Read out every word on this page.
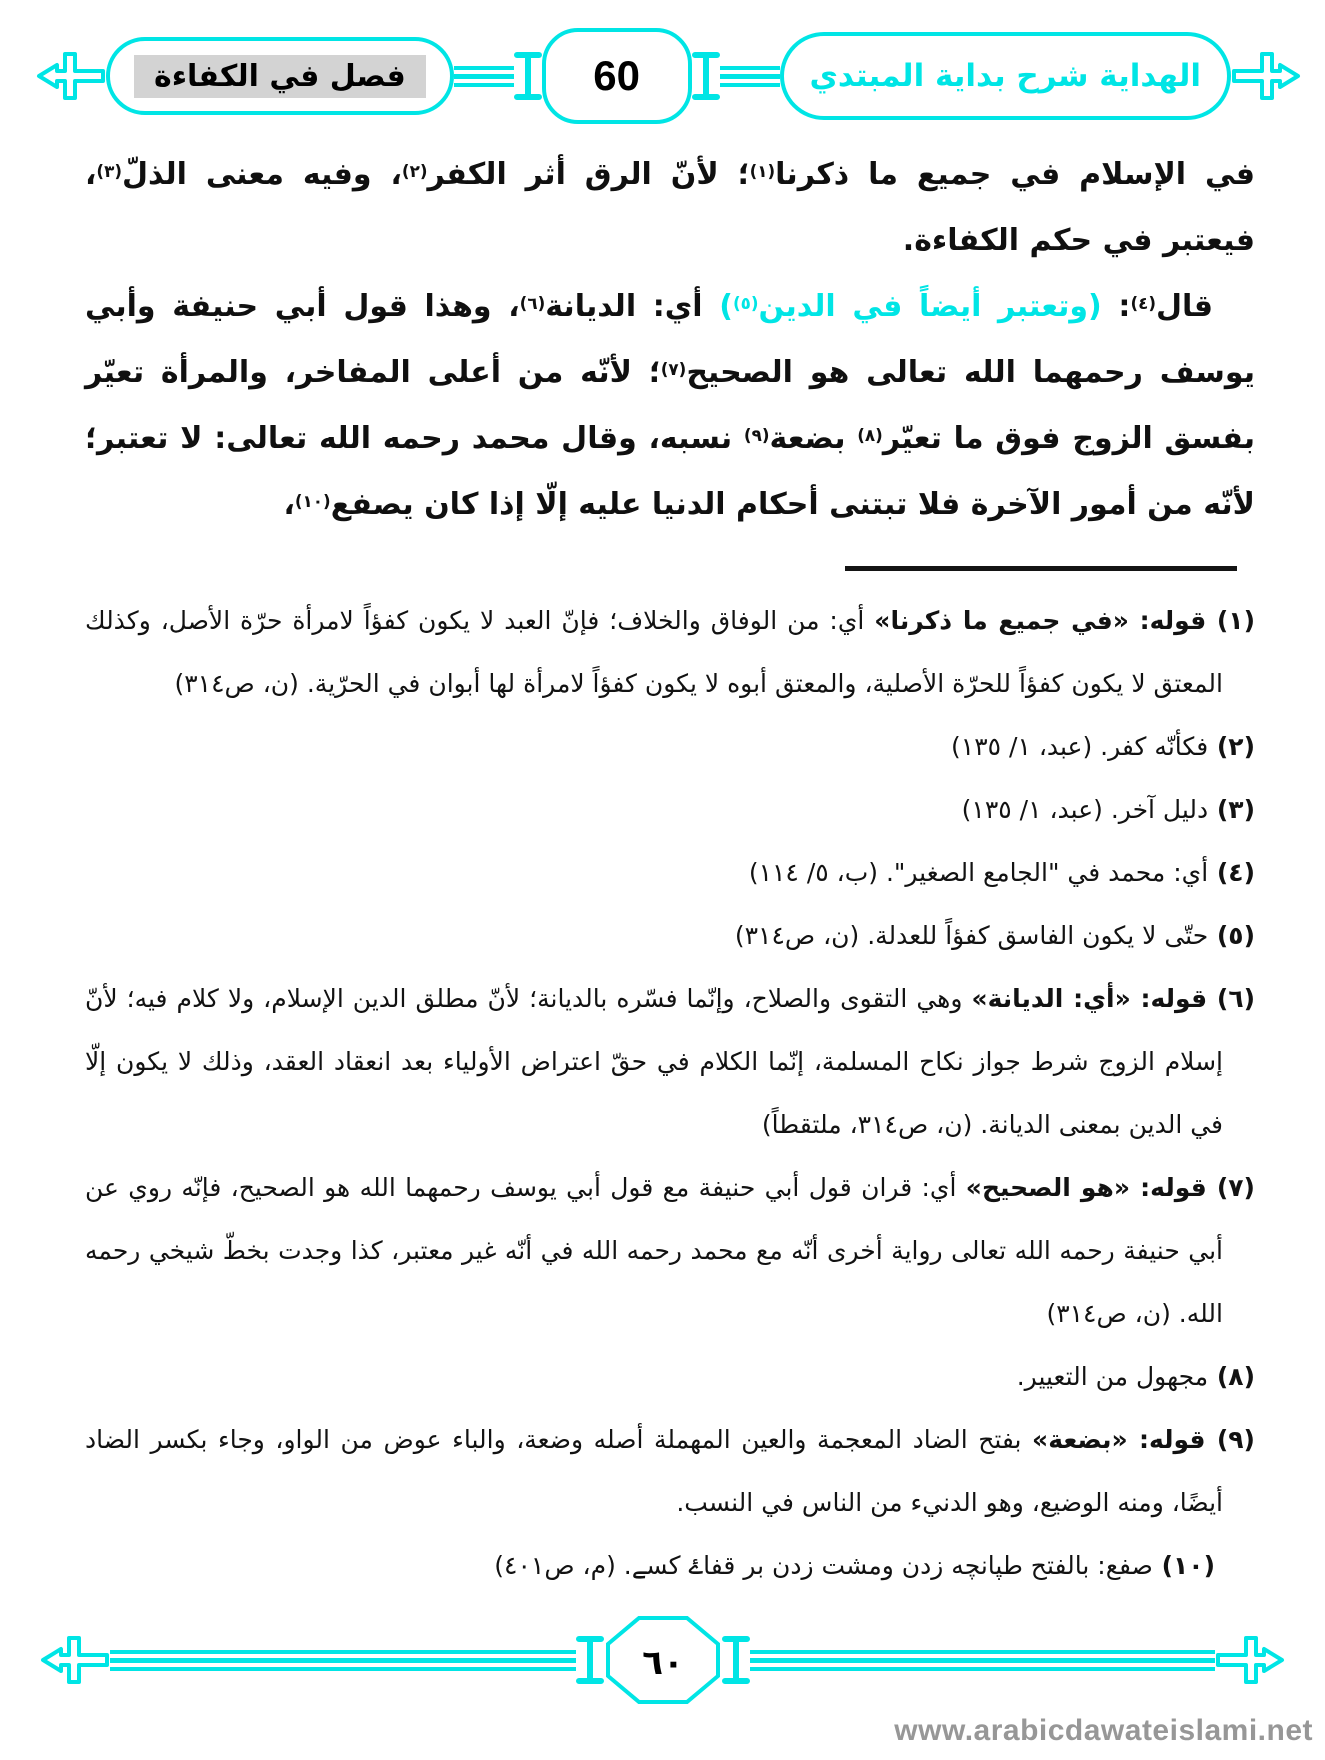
فصل في الكفاءة	60	الهداية شرح بداية المبتدي

في الإسلام في جميع ما ذكرنا$^{(١)}$؛ لأنّ الرق أثر الكفر$^{(٢)}$، وفيه معنى الذلّ$^{(٣)}$، فيعتبر في حكم الكفاءة.

قال$^{(٤)}$: (وتعتبر أيضاً في الدين$^{(٥)}$) أي: الديانة$^{(٦)}$، وهذا قول أبي حنيفة وأبي يوسف رحمهما الله تعالى هو الصحيح$^{(٧)}$؛ لأنّه من أعلى المفاخر، والمرأة تعيّر بفسق الزوج فوق ما تعيّر$^{(٨)}$ بضعة$^{(٩)}$ نسبه، وقال محمد رحمه الله تعالى: لا تعتبر؛ لأنّه من أمور الآخرة فلا تبتنى أحكام الدنيا عليه إلّا إذا كان يصفع$^{(١٠)}$،

(١) قوله: «في جميع ما ذكرنا» أي: من الوفاق والخلاف؛ فإنّ العبد لا يكون كفؤاً لامرأة حرّة الأصل، وكذلك المعتق لا يكون كفؤاً للحرّة الأصلية، والمعتق أبوه لا يكون كفؤاً لامرأة لها أبوان في الحرّية. (ن، ص٣١٤)

(٢) فكأنّه كفر. (عبد، ١/ ١٣٥)

(٣) دليل آخر. (عبد، ١/ ١٣٥)

(٤) أي: محمد في "الجامع الصغير". (ب، ٥/ ١١٤)

(٥) حتّى لا يكون الفاسق كفؤاً للعدلة. (ن، ص٣١٤)

(٦) قوله: «أي: الديانة» وهي التقوى والصلاح، وإنّما فسّره بالديانة؛ لأنّ مطلق الدين الإسلام، ولا كلام فيه؛ لأنّ إسلام الزوج شرط جواز نكاح المسلمة، إنّما الكلام في حقّ اعتراض الأولياء بعد انعقاد العقد، وذلك لا يكون إلّا في الدين بمعنى الديانة. (ن، ص٣١٤، ملتقطاً)

(٧) قوله: «هو الصحيح» أي: قران قول أبي حنيفة مع قول أبي يوسف رحمهما الله هو الصحيح، فإنّه روي عن أبي حنيفة رحمه الله تعالى رواية أخرى أنّه مع محمد رحمه الله في أنّه غير معتبر، كذا وجدت بخطّ شيخي رحمه الله. (ن، ص٣١٤)

(٨) مجهول من التعيير.

(٩) قوله: «بضعة» بفتح الضاد المعجمة والعين المهملة أصله وضعة، والباء عوض من الواو، وجاء بكسر الضاد أيضًا، ومنه الوضيع، وهو الدنيء من الناس في النسب.

(١٠) صفع: بالفتح طپانچه زدن ومشت زدن بر قفاۓ كسے. (م، ص٤٠١)

٦٠
www.arabicdawateislami.net
